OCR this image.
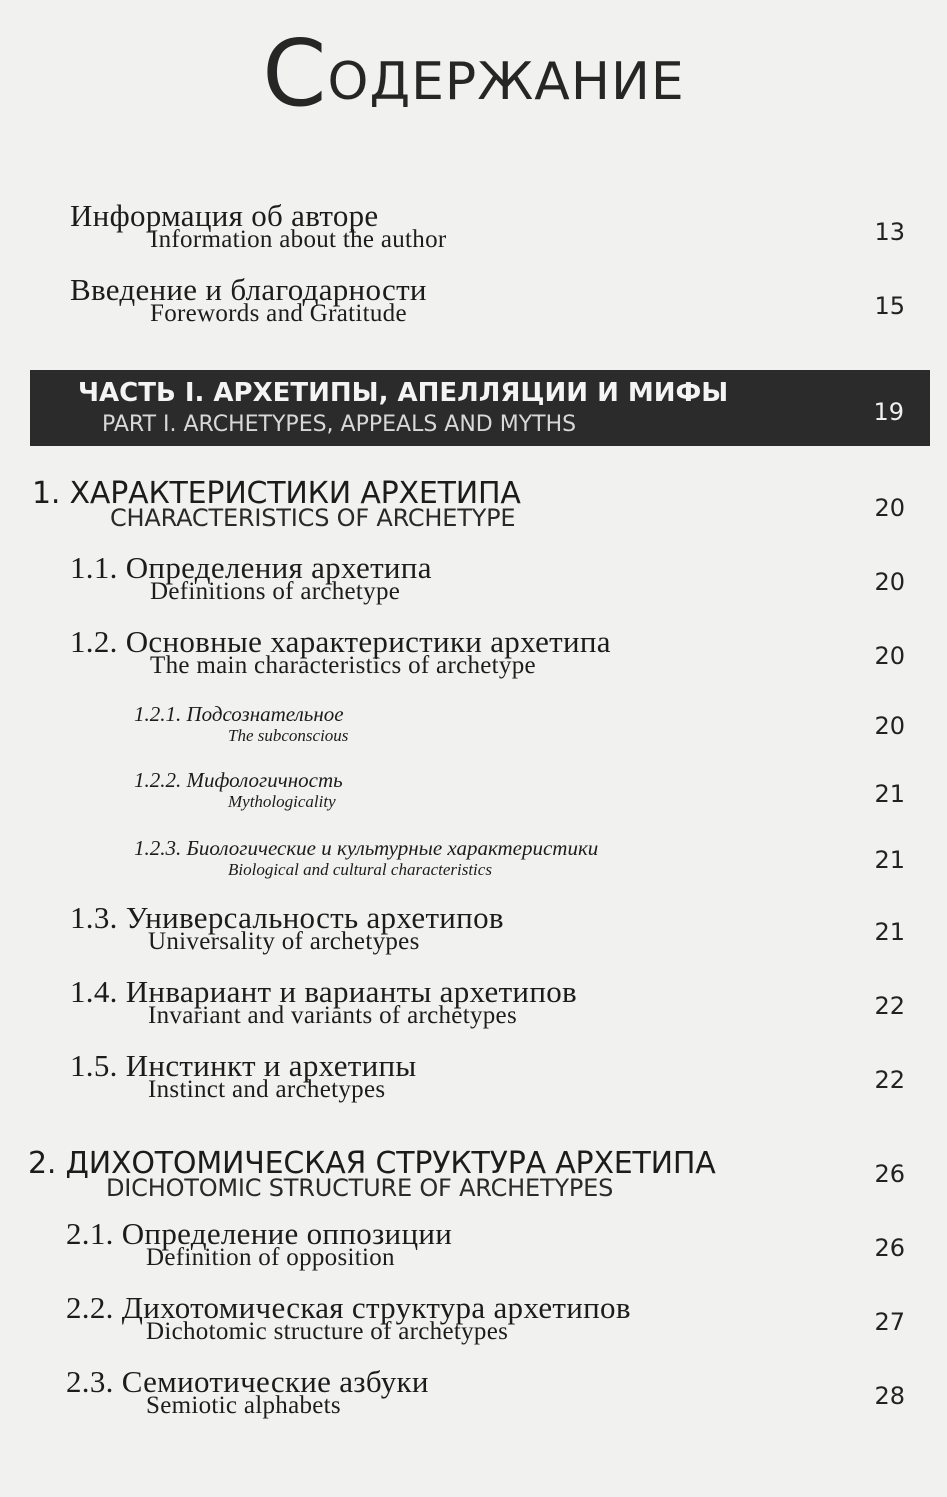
СОДЕРЖАНИЕ
Информация об авторе
Information about the author	13
Введение и благодарности
Forewords and Gratitude	15
ЧАСТЬ I. АРХЕТИПЫ, АПЕЛЛЯЦИИ И МИФЫ
PART I. ARCHETYPES, APPEALS AND MYTHS	19
1. ХАРАКТЕРИСТИКИ АРХЕТИПА
CHARACTERISTICS OF ARCHETYPE	20
1.1. Определения архетипа
Definitions of archetype	20
1.2. Основные характеристики архетипа
The main characteristics of archetype	20
1.2.1. Подсознательное
The subconscious	20
1.2.2. Мифологичность
Mythologicality	21
1.2.3. Биологические и культурные характеристики
Biological and cultural characteristics	21
1.3. Универсальность архетипов
Universality of archetypes	21
1.4. Инвариант и варианты архетипов
Invariant and variants of archetypes	22
1.5. Инстинкт и архетипы
Instinct and archetypes	22
2. ДИХОТОМИЧЕСКАЯ СТРУКТУРА АРХЕТИПА
DICHOTOMIC STRUCTURE OF ARCHETYPES	26
2.1. Определение оппозиции
Definition of opposition	26
2.2. Дихотомическая структура архетипов
Dichotomic structure of archetypes	27
2.3. Семиотические азбуки
Semiotic alphabets	28
